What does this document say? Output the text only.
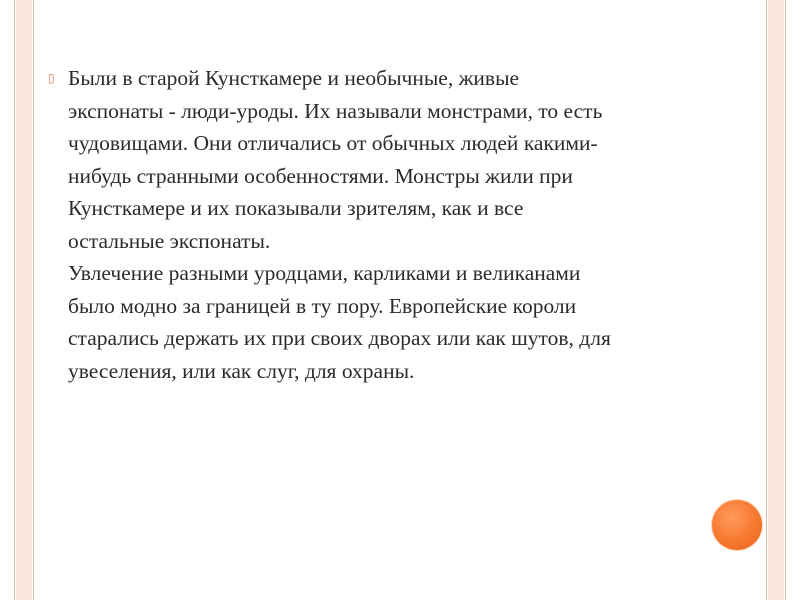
▯ Были в старой Кунсткамере и необычные, живые
экспонаты - люди-уроды. Их называли монстрами, то есть
чудовищами. Они отличались от обычных людей какими-
нибудь странными особенностями. Монстры жили при
Кунсткамере и их показывали зрителям, как и все
остальные экспонаты.
Увлечение разными уродцами, карликами и великанами
было модно за границей в ту пору. Европейские короли
старались держать их при своих дворах или как шутов, для
увеселения, или как слуг, для охраны.
